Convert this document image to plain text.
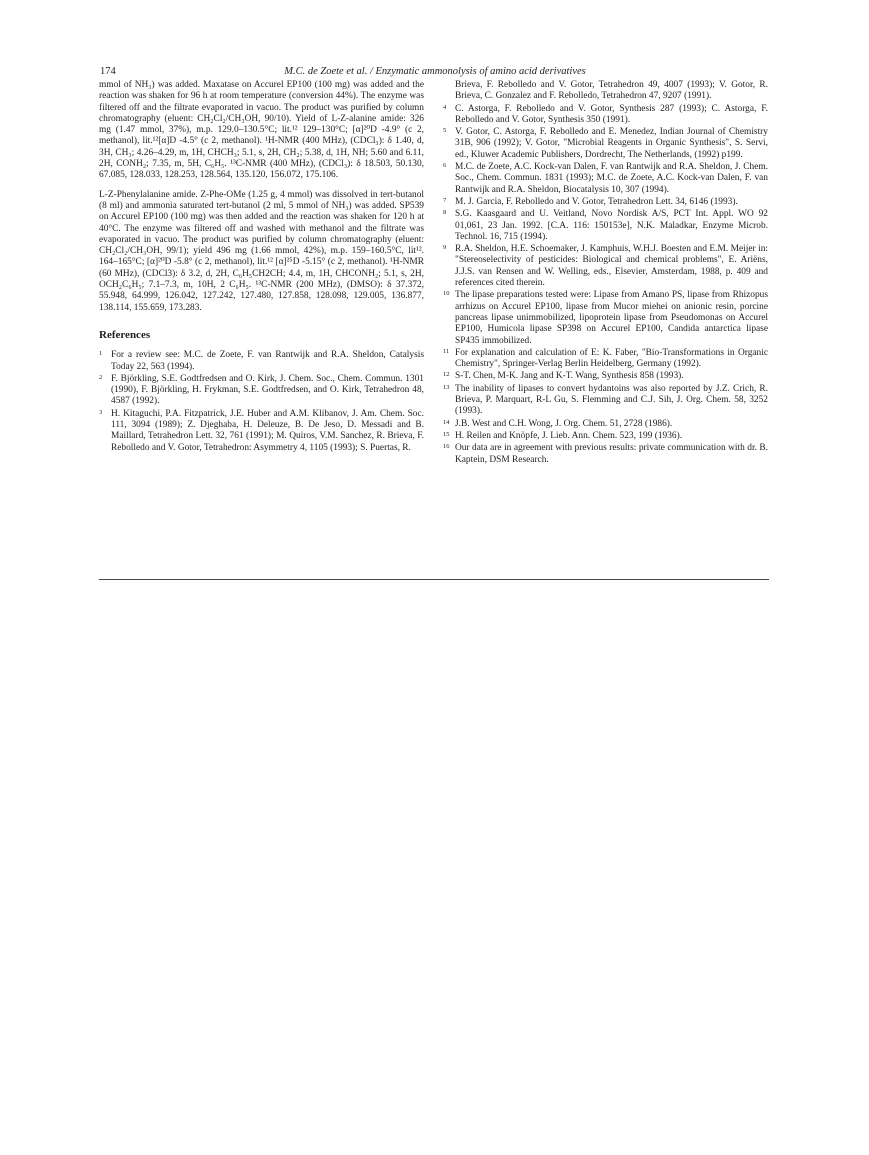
174	M.C. de Zoete et al. / Enzymatic ammonolysis of amino acid derivatives

mmol of NH₃) was added. Maxatase on Accurel EP100 (100 mg) was added and the reaction was shaken for 96 h at room temperature (conversion 44%). The enzyme was filtered off and the filtrate evaporated in vacuo. The product was purified by column chromatography (eluent: CH₂Cl₂/CH₃OH, 90/10). Yield of L-Z-alanine amide: 326 mg (1.47 mmol, 37%), m.p. 129.0–130.5°C; lit.¹² 129–130°C; [α]²⁰D -4.9° (c 2, methanol), lit.¹²[α]D -4.5° (c 2, methanol). ¹H-NMR (400 MHz), (CDCl₃): δ 1.40, d, 3H, CH₃; 4.26–4.29, m, 1H, CHCH₃; 5.1, s, 2H, CH₂; 5.38, d, 1H, NH; 5.60 and 6.11, 2H, CONH₂; 7.35, m, 5H, C₆H₅. ¹³C-NMR (400 MHz), (CDCl₃): δ 18.503, 50.130, 67.085, 128.033, 128.253, 128.564, 135.120, 156.072, 175.106.

L-Z-Phenylalanine amide. Z-Phe-OMe (1.25 g, 4 mmol) was dissolved in tert-butanol (8 ml) and ammonia saturated tert-butanol (2 ml, 5 mmol of NH₃) was added. SP539 on Accurel EP100 (100 mg) was then added and the reaction was shaken for 120 h at 40°C. The enzyme was filtered off and washed with methanol and the filtrate was evaporated in vacuo. The product was purified by column chromatography (eluent: CH₂Cl₂/CH₃OH, 99/1); yield 496 mg (1.66 mmol, 42%), m.p. 159–160.5°C, lit¹². 164–165°C; [α]²⁰D -5.8° (c 2, methanol), lit.¹² [α]²⁵D -5.15° (c 2, methanol). ¹H-NMR (60 MHz), (CDCl3): δ 3.2, d, 2H, C₆H₅CH2CH; 4.4, m, 1H, CHCONH₂; 5.1, s, 2H, OCH₂C₆H₅; 7.1–7.3, m, 10H, 2 C₆H₅. ¹³C-NMR (200 MHz), (DMSO): δ 37.372, 55.948, 64.999, 126.042, 127.242, 127.480, 127.858, 128.098, 129.005, 136.877, 138.114, 155.659, 173.283.

References
1 For a review see: M.C. de Zoete, F. van Rantwijk and R.A. Sheldon, Catalysis Today 22, 563 (1994).
2 F. Björkling, S.E. Godtfredsen and O. Kirk, J. Chem. Soc., Chem. Commun. 1301 (1990), F. Björkling, H. Frykman, S.E. Godtfredsen, and O. Kirk, Tetrahedron 48, 4587 (1992).
3 H. Kitaguchi, P.A. Fitzpatrick, J.E. Huber and A.M. Klibanov, J. Am. Chem. Soc. 111, 3094 (1989); Z. Djeghaba, H. Deleuze, B. De Jeso, D. Messadi and B. Maillard, Tetrahedron Lett. 32, 761 (1991); M. Quiros, V.M. Sanchez, R. Brieva, F. Rebolledo and V. Gotor, Tetrahedron: Asymmetry 4, 1105 (1993); S. Puertas, R.
Brieva, F. Rebolledo and V. Gotor, Tetrahedron 49, 4007 (1993); V. Gotor, R. Brieva, C. Gonzalez and F. Rebolledo, Tetrahedron 47, 9207 (1991).
4 C. Astorga, F. Rebolledo and V. Gotor, Synthesis 287 (1993); C. Astorga, F. Rebolledo and V. Gotor, Synthesis 350 (1991).
5 V. Gotor, C. Astorga, F. Rebolledo and E. Menedez, Indian Journal of Chemistry 31B, 906 (1992); V. Gotor, "Microbial Reagents in Organic Synthesis", S. Servi, ed., Kluwer Academic Publishers, Dordrecht, The Netherlands, (1992) p199.
6 M.C. de Zoete, A.C. Kock-van Dalen, F. van Rantwijk and R.A. Sheldon, J. Chem. Soc., Chem. Commun. 1831 (1993); M.C. de Zoete, A.C. Kock-van Dalen, F. van Rantwijk and R.A. Sheldon, Biocatalysis 10, 307 (1994).
7 M. J. Garcia, F. Rebolledo and V. Gotor, Tetrahedron Lett. 34, 6146 (1993).
8 S.G. Kaasgaard and U. Veitland, Novo Nordisk A/S, PCT Int. Appl. WO 92 01,061, 23 Jan. 1992. [C.A. 116: 150153e], N.K. Maladkar, Enzyme Microb. Technol. 16, 715 (1994).
9 R.A. Sheldon, H.E. Schoemaker, J. Kamphuis, W.H.J. Boesten and E.M. Meijer in: "Stereoselectivity of pesticides: Biological and chemical problems", E. Ariëns, J.J.S. van Rensen and W. Welling, eds., Elsevier, Amsterdam, 1988, p. 409 and references cited therein.
10 The lipase preparations tested were: Lipase from Amano PS, lipase from Rhizopus arrhizus on Accurel EP100, lipase from Mucor miehei on anionic resin, porcine pancreas lipase unimmobilized, lipoprotein lipase from Pseudomonas on Accurel EP100, Humicola lipase SP398 on Accurel EP100, Candida antarctica lipase SP435 immobilized.
11 For explanation and calculation of E: K. Faber, "Bio-Transformations in Organic Chemistry", Springer-Verlag Berlin Heidelberg, Germany (1992).
12 S-T. Chen, M-K. Jang and K-T. Wang, Synthesis 858 (1993).
13 The inability of lipases to convert hydantoins was also reported by J.Z. Crich, R. Brieva, P. Marquart, R-L Gu, S. Flemming and C.J. Sih, J. Org. Chem. 58, 3252 (1993).
14 J.B. West and C.H. Wong, J. Org. Chem. 51, 2728 (1986).
15 H. Reilen and Knöpfe, J. Lieb. Ann. Chem. 523, 199 (1936).
16 Our data are in agreement with previous results: private communication with dr. B. Kaptein, DSM Research.
